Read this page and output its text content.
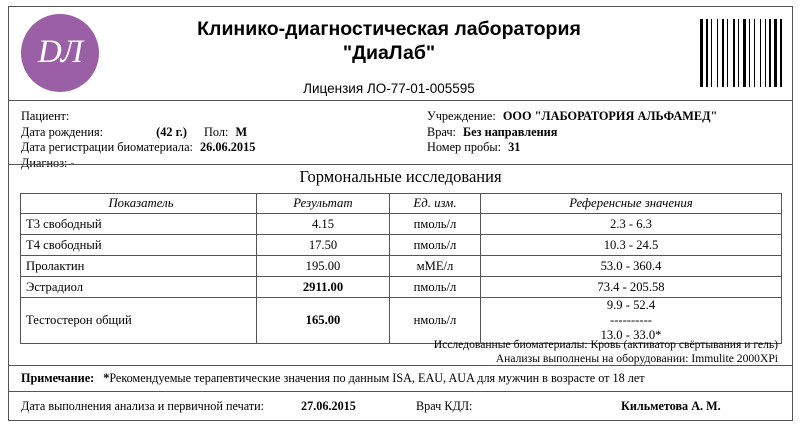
DЛ
Клинико-диагностическая лаборатория
"ДиаЛаб"
Лицензия ЛО-77-01-005595
Пациент:
Дата рождения:	(42 г.) Пол: М
Дата регистрации биоматериала: 26.06.2015
Диагноз: -
Учреждение: ООО "ЛАБОРАТОРИЯ АЛЬФАМЕД"
Врач: Без направления
Номер пробы: 31
Гормональные исследования
Показатель	Результат	Ед. изм.	Референсные значения
Т3 свободный	4.15	пмоль/л	2.3 - 6.3
Т4 свободный	17.50	пмоль/л	10.3 - 24.5
Пролактин	195.00	мМЕ/л	53.0 - 360.4
Эстрадиол	2911.00	пмоль/л	73.4 - 205.58
Тестостерон общий	165.00	нмоль/л	9.9 - 52.4
----------
13.0 - 33.0*
Исследованные биоматериалы: Кровь (активатор свёртывания и гель)
Анализы выполнены на оборудовании: Immulite 2000XPi
Примечание: *Рекомендуемые терапевтические значения по данным ISA, EAU, AUA для мужчин в возрасте от 18 лет
Дата выполнения анализа и первичной печати:	27.06.2015	Врач КДЛ:	Кильметова А. М.
